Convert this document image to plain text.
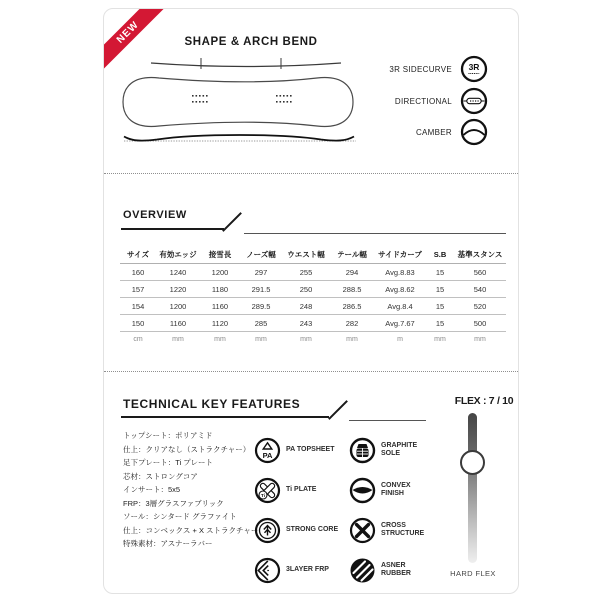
NEW	SHAPE & ARCH BEND
3R SIDECURVE 3R
DIRECTIONAL
CAMBER
OVERVIEW
サイズ	有効エッジ	接雪長	ノーズ幅	ウエスト幅	テール幅	サイドカーブ	S.B	基準スタンス
160	1240	1200	297	255	294	Avg.8.83	15	560
157	1220	1180	291.5	250	288.5	Avg.8.62	15	540
154	1200	1160	289.5	248	286.5	Avg.8.4	15	520
150	1160	1120	285	243	282	Avg.7.67	15	500
cm	mm	mm	mm	mm	mm	m	mm	mm
TECHNICAL KEY FEATURES	FLEX : 7 / 10
トップシート：ポリアミド
仕上：クリアなし（ストラクチャー）
足下プレート：Ti プレート
芯材：ストロングコア
インサート：5x5
FRP：3層グラスファブリック
ソール：シンタード グラファイト
仕上：コンベックス + X ストラクチャー
特殊素材：アスナーラバー
PA
PA TOPSHEET
GRAPHITE SOLE
Ti
Ti PLATE
CONVEX FINISH
STRONG CORE
CROSS STRUCTURE
3LAYER FRP
ASNER RUBBER	HARD FLEX
